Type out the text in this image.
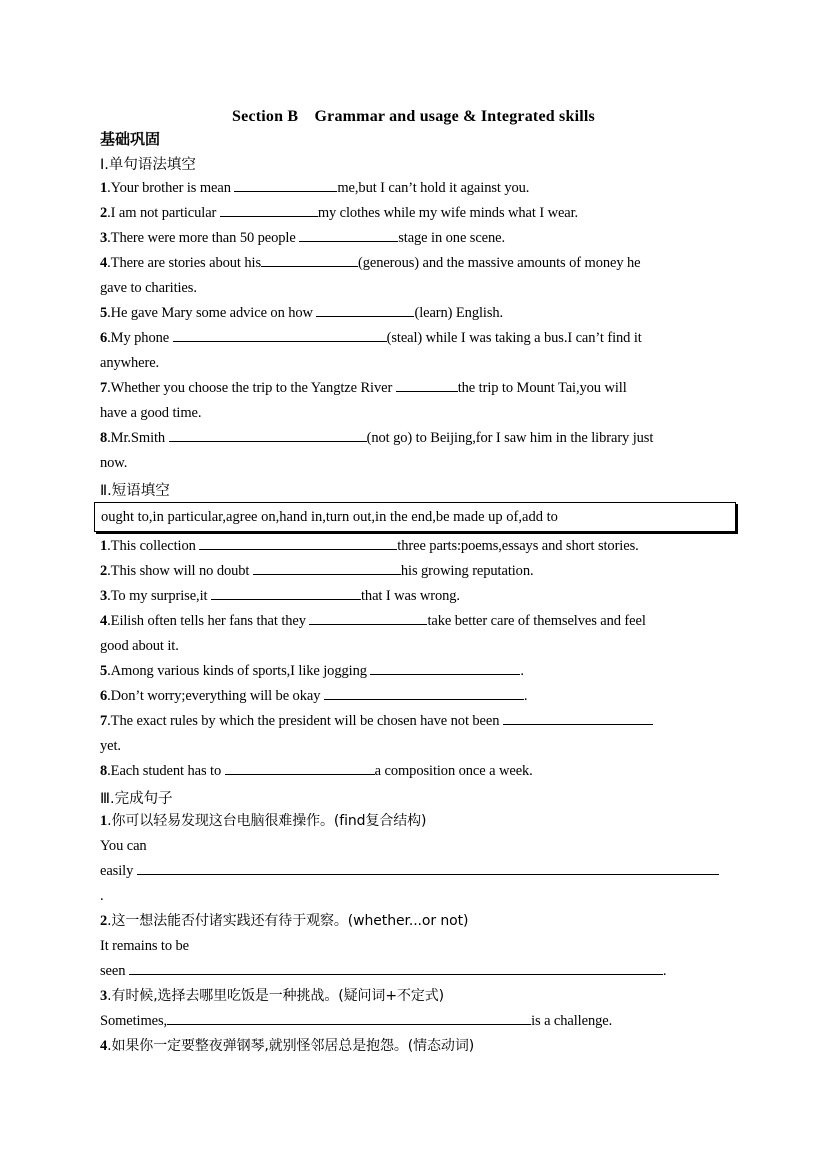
Section B　Grammar and usage & Integrated skills
基础巩固
Ⅰ.单句语法填空
1.Your brother is mean	me,but I can’t hold it against you.
2.I am not particular	my clothes while my wife minds what I wear.
3.There were more than 50 people	stage in one scene.
4.There are stories about his	(generous) and the massive amounts of money he
gave to charities.
5.He gave Mary some advice on how	(learn) English.
6.My phone	(steal) while I was taking a bus.I can’t find it
anywhere.
7.Whether you choose the trip to the Yangtze River	the trip to Mount Tai,you will
have a good time.
8.Mr.Smith	(not go) to Beijing,for I saw him in the library just
now.
Ⅱ.短语填空
ought to,in particular,agree on,hand in,turn out,in the end,be made up of,add to
1.This collection	three parts:poems,essays and short stories.
2.This show will no doubt	his growing reputation.
3.To my surprise,it	that I was wrong.
4.Eilish often tells her fans that they	take better care of themselves and feel
good about it.
5.Among various kinds of sports,I like jogging	.
6.Don’t worry;everything will be okay	.
7.The exact rules by which the president will be chosen have not been
yet.
8.Each student has to	a composition once a week.
Ⅲ.完成句子
1.你可以轻易发现这台电脑很难操作。(find复合结构)
You can
easily
.
2.这一想法能否付诸实践还有待于观察。(whether...or not)
It remains to be
seen	.
3.有时候,选择去哪里吃饭是一种挑战。(疑问词+不定式)
Sometimes,	is a challenge.
4.如果你一定要整夜弹钢琴,就别怪邻居总是抱怨。(情态动词)
